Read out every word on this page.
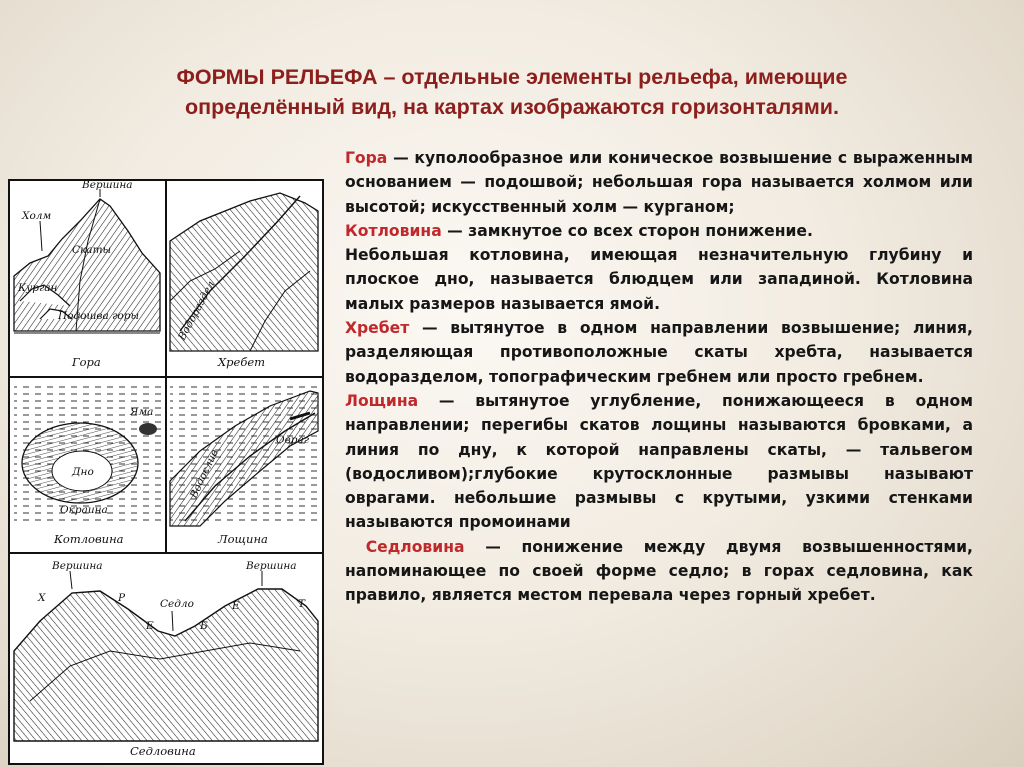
ФОРМЫ РЕЛЬЕФА – отдельные элементы рельефа, имеющие
определённый вид, на картах изображаются горизонталями.
Вершина
Холм
Скаты
Курган
Подошва горы
Гора
Водораздел
Хребет
Яма
Дно
Окраина
Котловина
Овраг
Водослив
Лощина
Вершина	Вершина
Седло
Х	Р
Е	Б
Е	Т
Седловина

Гора — куполообразное или коническое возвышение с выраженным основанием — подошвой; небольшая гора называется холмом или высотой; искусственный холм — курганом;

Котловина — замкнутое со всех сторон понижение.

Небольшая котловина, имеющая незначительную глубину и плоское дно, называется блюдцем или западиной. Котловина малых размеров называется ямой.

Хребет — вытянутое в одном направлении возвышение; линия, разделяющая противоположные скаты хребта, называется водоразделом, топографическим гребнем или просто гребнем.

Лощина — вытянутое углубление, понижающееся в одном направлении; перегибы скатов лощины называются бровками, а линия по дну, к которой направлены скаты, — тальвегом (водосливом);глубокие крутосклонные размывы называют оврагами. небольшие размывы с крутыми, узкими стенками называются промоинами

Седловина — понижение между двумя возвышенностями, напоминающее по своей форме седло; в горах седловина, как правило, является местом перевала через горный хребет.
